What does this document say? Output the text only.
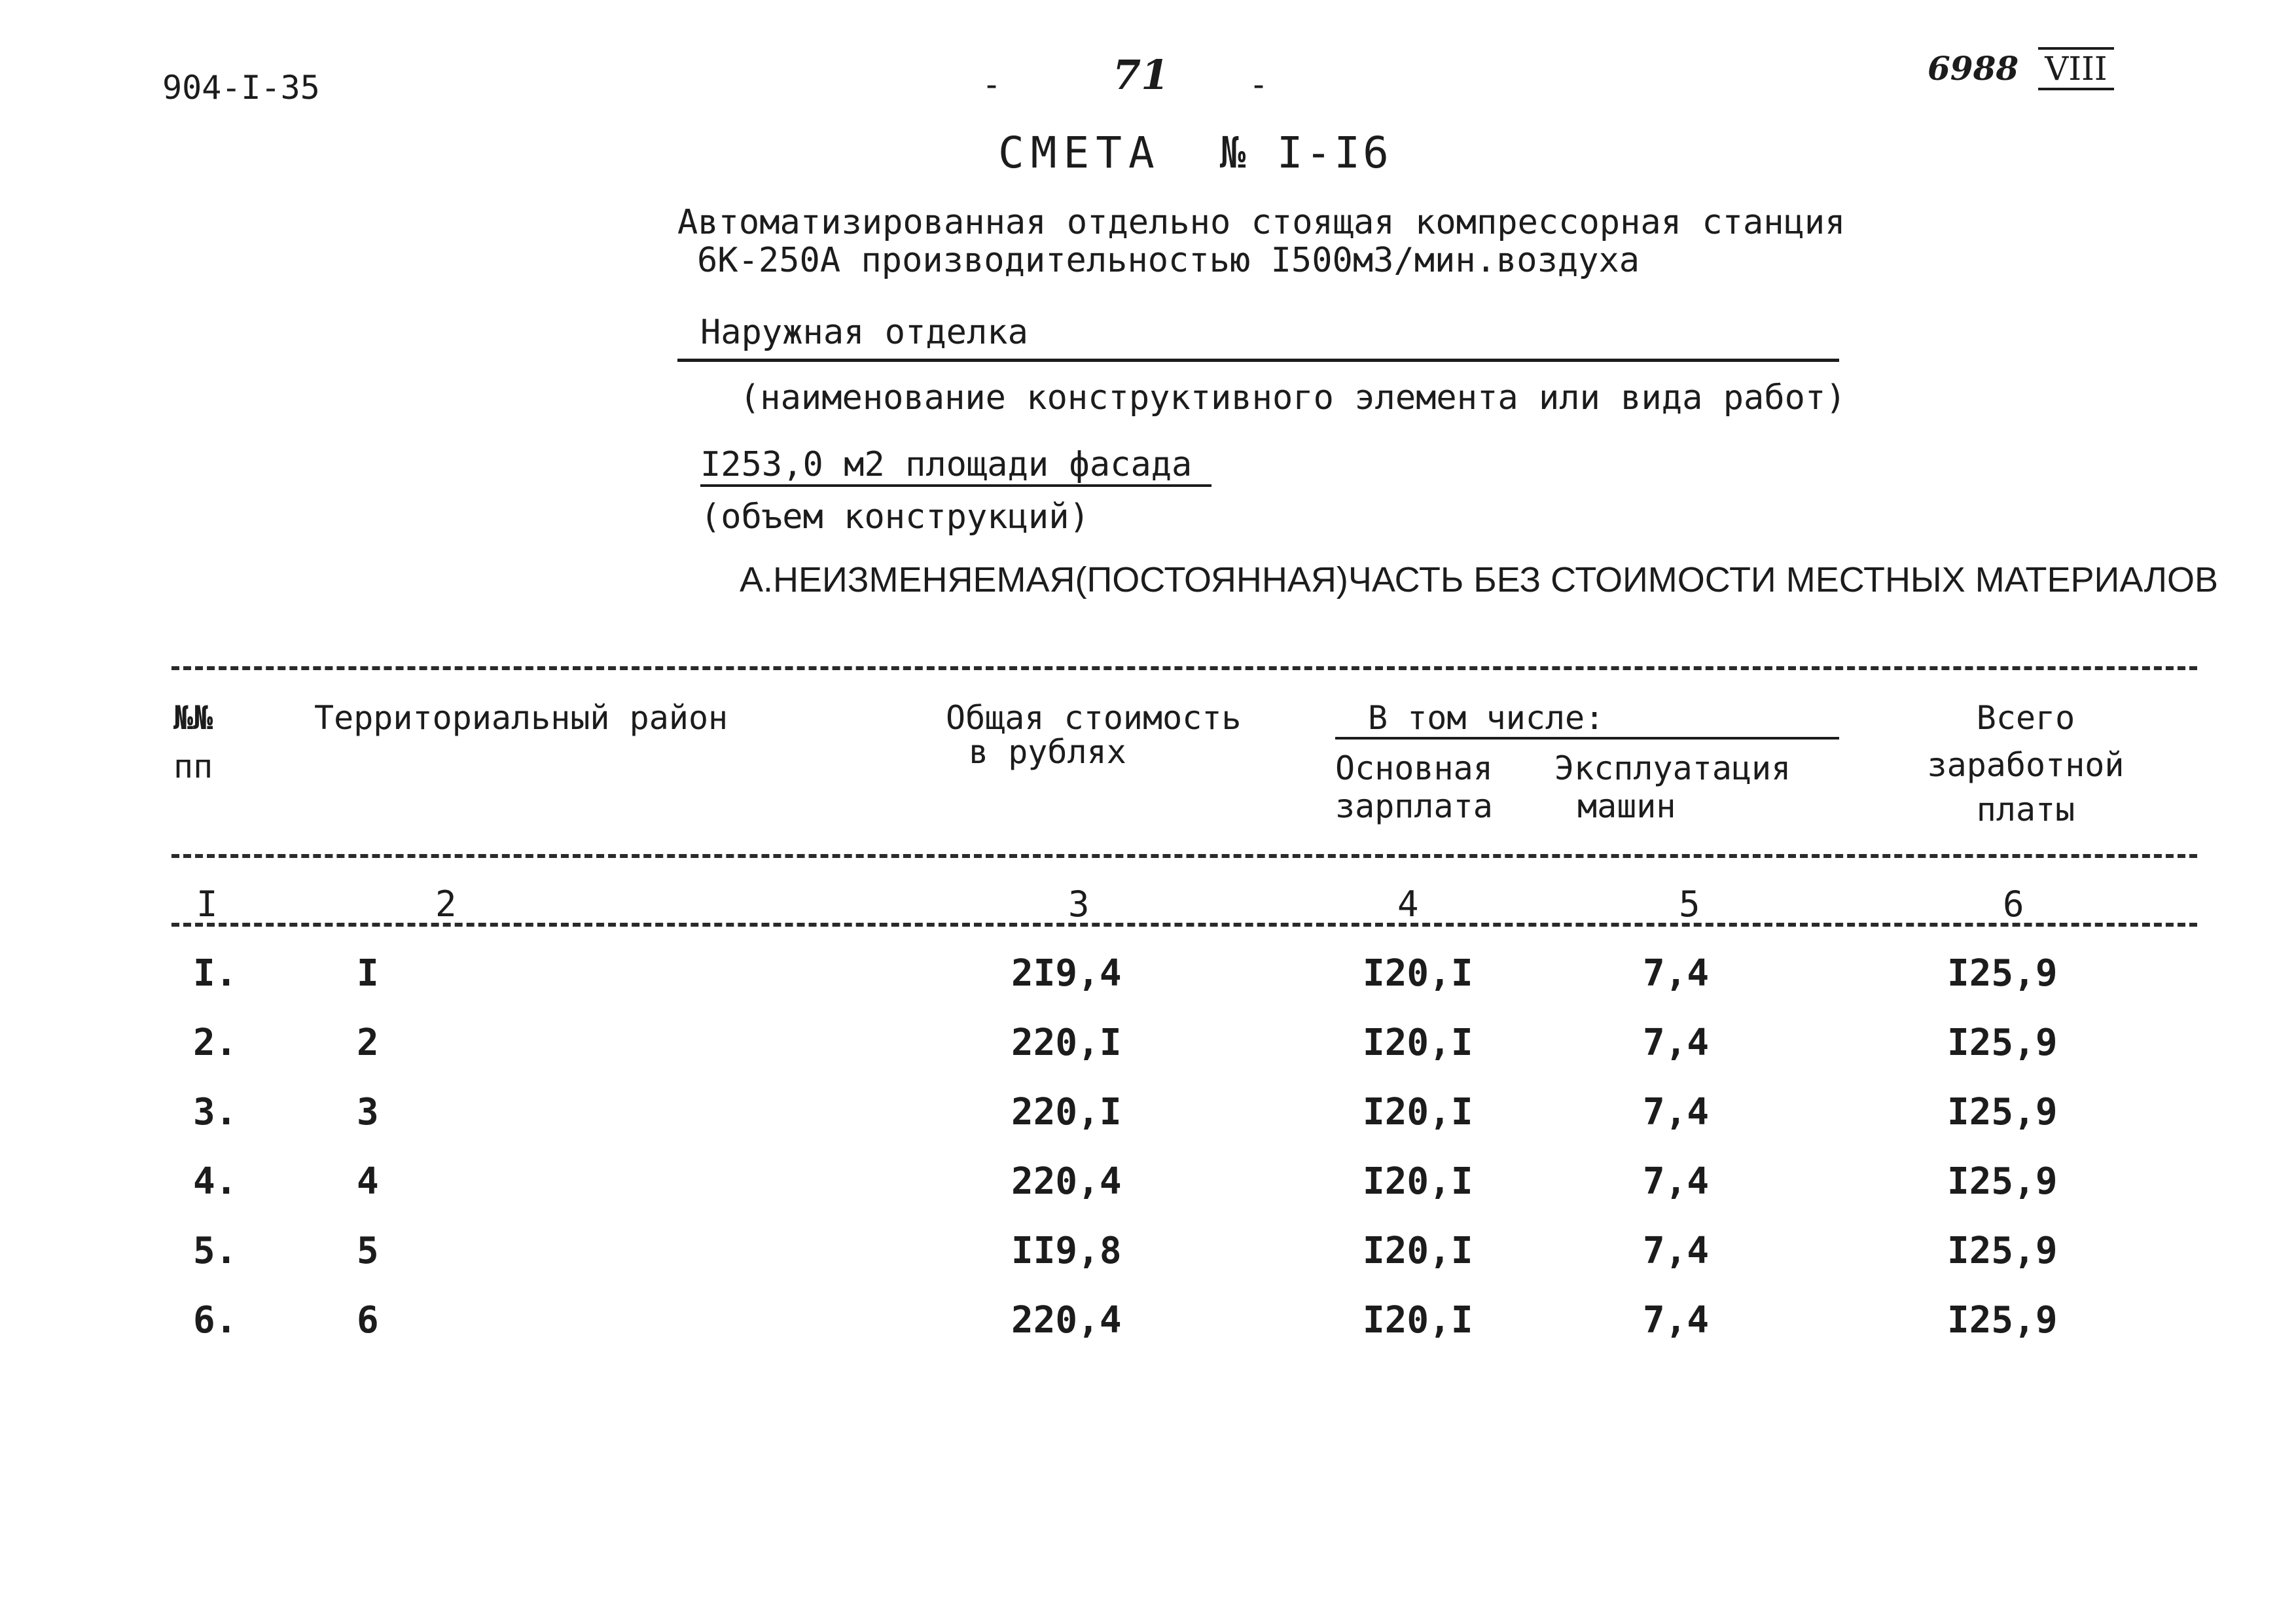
904-I-35	-	71 -	6988 VIII
СМЕТА № I-I6
Автоматизированная отдельно стоящая компрессорная станция
6К-250А производительностью I500м3/мин.воздуха
Наружная отделка
(наименование конструктивного элемента или вида работ)
I253,0 м2 площади фасада
(объем конструкций)
А.НЕИЗМЕНЯЕМАЯ(ПОСТОЯННАЯ)ЧАСТЬ БЕЗ СТОИМОСТИ МЕСТНЫХ МАТЕРИАЛОВ
№№
пп
Территориальный район	Общая стоимость
в рублях
В том числе:
Основная
зарплата
Эксплуатация
машин
Всего
заработной
платы
I	2	3	4	5	6
I.	I	2I9,4	I20,I	7,4	I25,9
2.	2	220,I	I20,I	7,4	I25,9
3.	3	220,I	I20,I	7,4	I25,9
4.	4	220,4	I20,I	7,4	I25,9
5.	5	II9,8	I20,I	7,4	I25,9
6.	6	220,4	I20,I	7,4	I25,9
